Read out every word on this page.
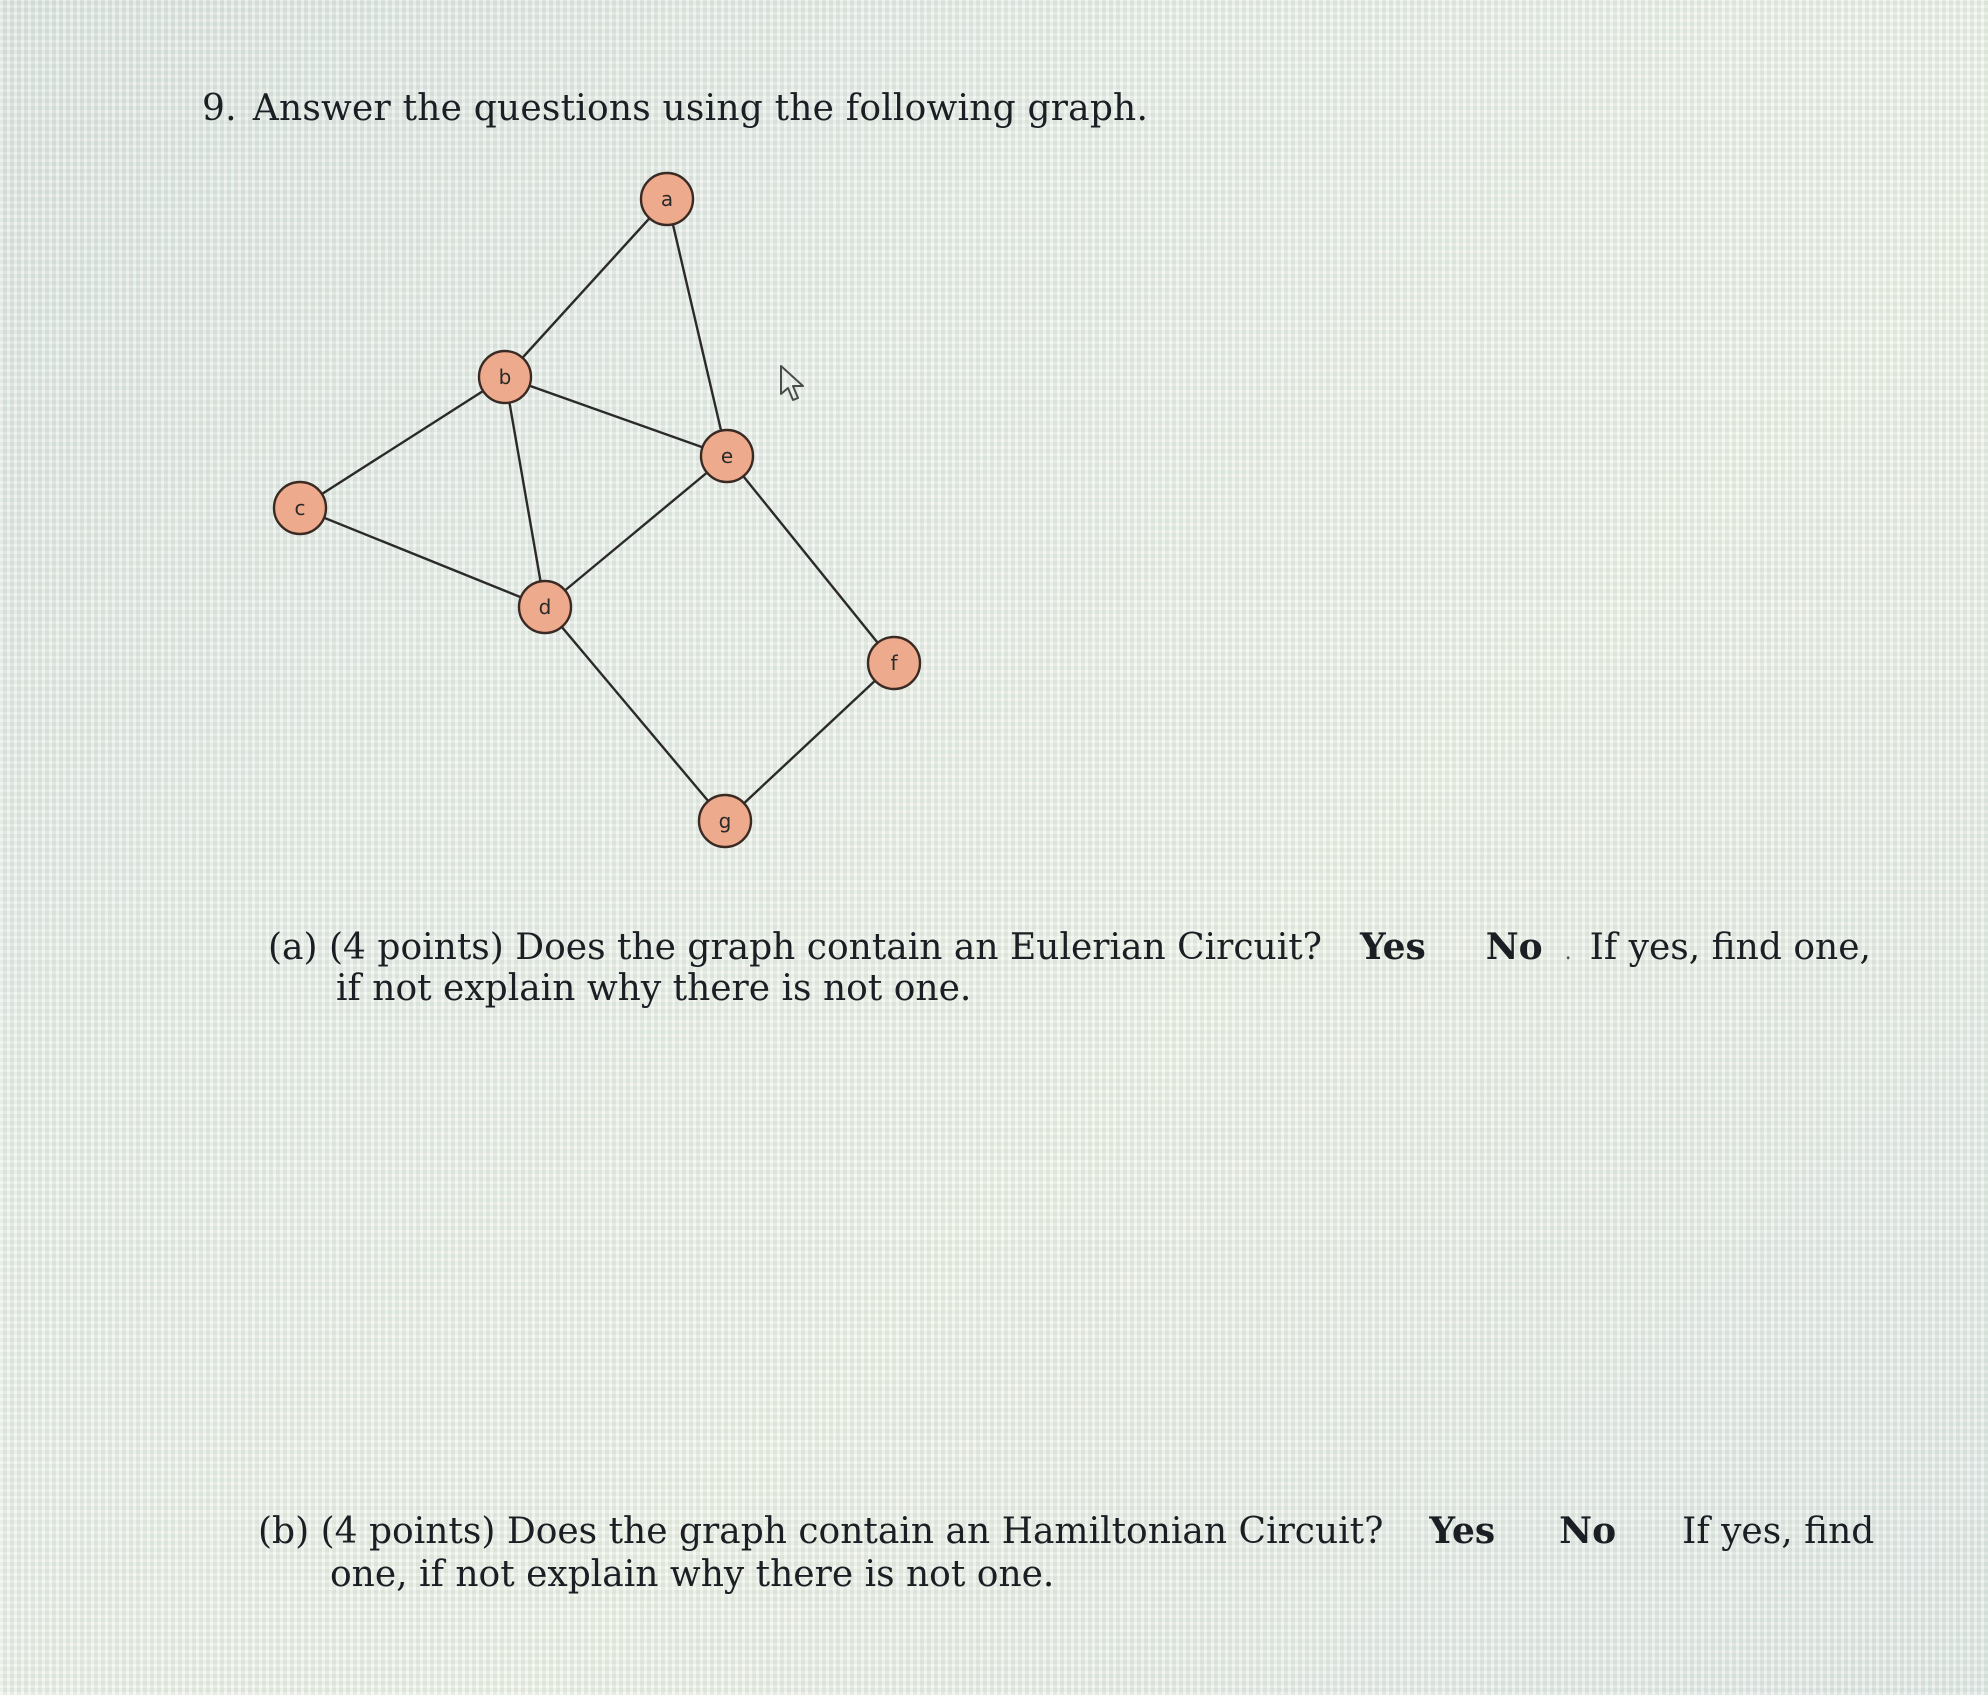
9. Answer the questions using the following graph.
a
b
c
d
e
f
g
(a) (4 points) Does the graph contain an Eulerian Circuit? Yes No . If yes, find one,
if not explain why there is not one.
(b) (4 points) Does the graph contain an Hamiltonian Circuit? Yes No If yes, find
one, if not explain why there is not one.
